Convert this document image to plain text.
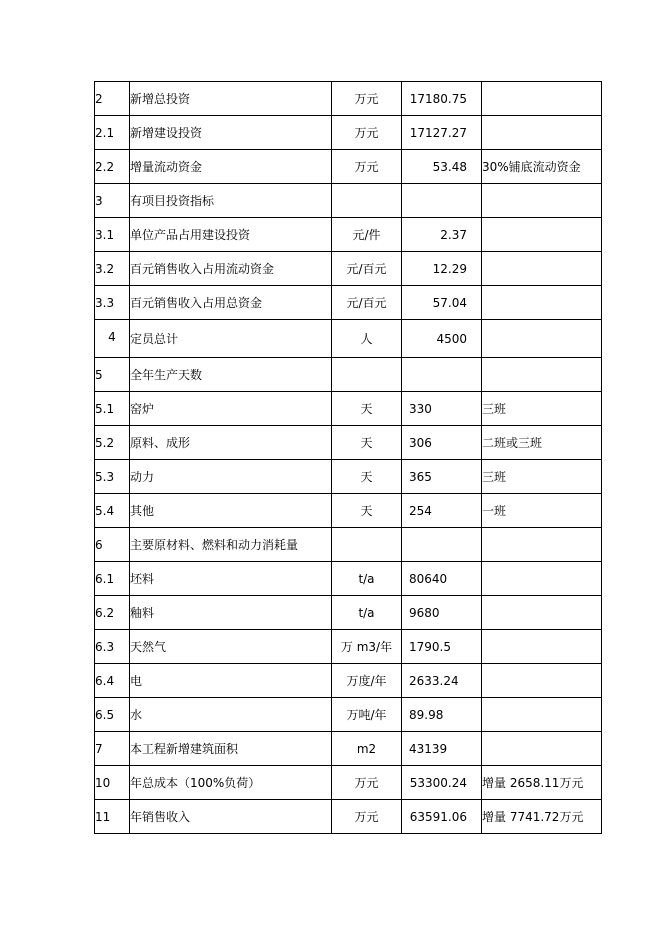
2	新增总投资	万元	17180.75	
2.1	新增建设投资	万元	17127.27	
2.2	增量流动资金	万元	53.48	30%铺底流动资金
3	有项目投资指标			
3.1	单位产品占用建设投资	元/件	2.37	
3.2	百元销售收入占用流动资金	元/百元	12.29	
3.3	百元销售收入占用总资金	元/百元	57.04	
4	定员总计	人	4500	
5	全年生产天数			
5.1	窑炉	天	330	三班
5.2	原料、成形	天	306	二班或三班
5.3	动力	天	365	三班
5.4	其他	天	254	一班
6	主要原材料、燃料和动力消耗量			
6.1	坯料	t/a	80640	
6.2	釉料	t/a	9680	
6.3	天然气	万 m3/年	1790.5	
6.4	电	万度/年	2633.24	
6.5	水	万吨/年	89.98	
7	本工程新增建筑面积	m2	43139	
10	年总成本（100%负荷）	万元	53300.24	增量 2658.11万元
11	年销售收入	万元	63591.06	增量 7741.72万元
